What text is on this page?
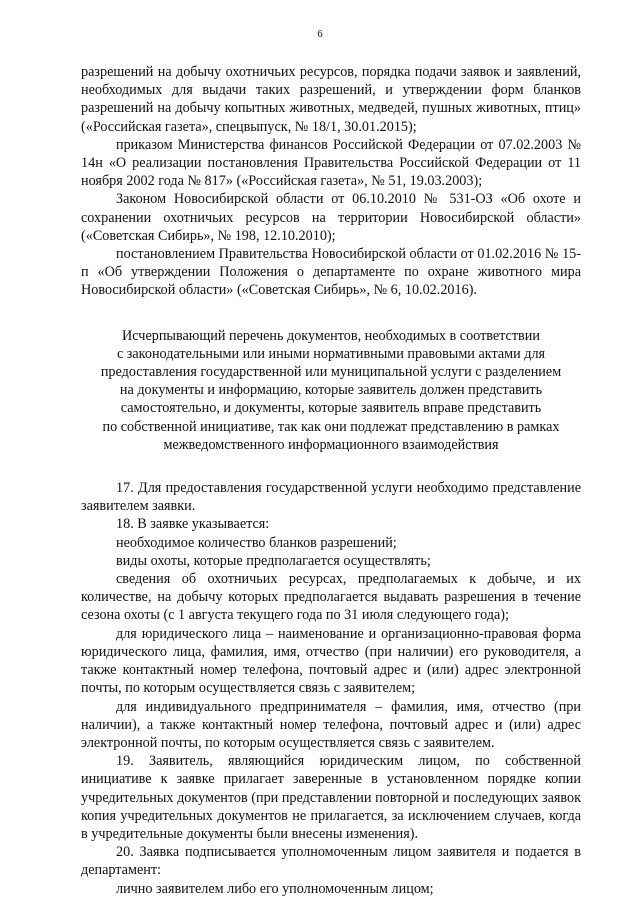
6

разрешений на добычу охотничьих ресурсов, порядка подачи заявок и заявлений, необходимых для выдачи таких разрешений, и утверждении форм бланков разрешений на добычу копытных животных, медведей, пушных животных, птиц» («Российская газета», спецвыпуск, № 18/1, 30.01.2015);

приказом Министерства финансов Российской Федерации от 07.02.2003 № 14н «О реализации постановления Правительства Российской Федерации от 11 ноября 2002 года № 817» («Российская газета», № 51, 19.03.2003);

Законом Новосибирской области от 06.10.2010 № 531-ОЗ «Об охоте и сохранении охотничьих ресурсов на территории Новосибирской области» («Советская Сибирь», № 198, 12.10.2010);

постановлением Правительства Новосибирской области от 01.02.2016 № 15-п «Об утверждении Положения о департаменте по охране животного мира Новосибирской области» («Советская Сибирь», № 6, 10.02.2016).

Исчерпывающий перечень документов, необходимых в соответствии
с законодательными или иными нормативными правовыми актами для
предоставления государственной или муниципальной услуги с разделением
на документы и информацию, которые заявитель должен представить
самостоятельно, и документы, которые заявитель вправе представить
по собственной инициативе, так как они подлежат представлению в рамках
межведомственного информационного взаимодействия

17. Для предоставления государственной услуги необходимо представление заявителем заявки.

18. В заявке указывается:

необходимое количество бланков разрешений;

виды охоты, которые предполагается осуществлять;

сведения об охотничьих ресурсах, предполагаемых к добыче, и их количестве, на добычу которых предполагается выдавать разрешения в течение сезона охоты (с 1 августа текущего года по 31 июля следующего года);

для юридического лица – наименование и организационно-правовая форма юридического лица, фамилия, имя, отчество (при наличии) его руководителя, а также контактный номер телефона, почтовый адрес и (или) адрес электронной почты, по которым осуществляется связь с заявителем;

для индивидуального предпринимателя – фамилия, имя, отчество (при наличии), а также контактный номер телефона, почтовый адрес и (или) адрес электронной почты, по которым осуществляется связь с заявителем.

19. Заявитель, являющийся юридическим лицом, по собственной инициативе к заявке прилагает заверенные в установленном порядке копии учредительных документов (при представлении повторной и последующих заявок копия учредительных документов не прилагается, за исключением случаев, когда в учредительные документы были внесены изменения).

20. Заявка подписывается уполномоченным лицом заявителя и подается в департамент:

лично заявителем либо его уполномоченным лицом;
